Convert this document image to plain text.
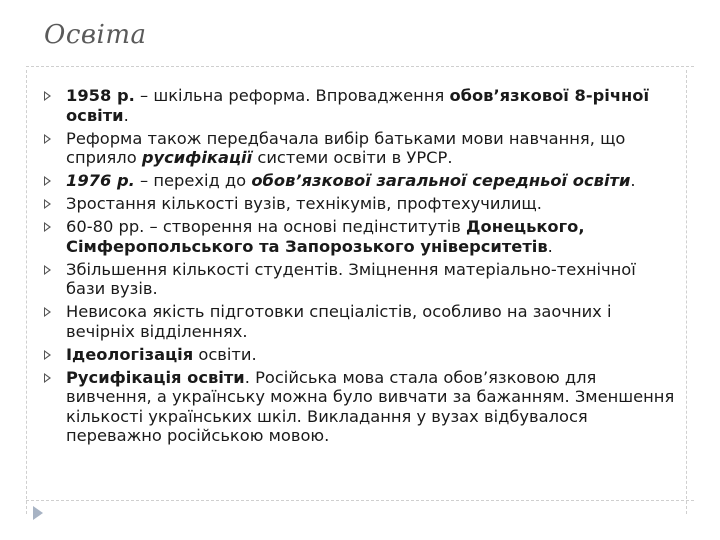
Освіта
1958 р. – шкільна реформа. Впровадження обов’язкової 8-річної освіти.
Реформа також передбачала вибір батьками мови навчання, що сприяло русифікації системи освіти в УРСР.
1976 р. – перехід до обов’язкової загальної середньої освіти.
Зростання кількості вузів, технікумів, профтехучилищ.
60-80 рр. – створення на основі педінститутів Донецького, Сімферопольського та Запорозького університетів.
Збільшення кількості студентів. Зміцнення матеріально-технічної бази вузів.
Невисока якість підготовки спеціалістів, особливо на заочних і вечірніх відділеннях.
Ідеологізація освіти.
Русифікація освіти. Російська мова стала обов’язковою для вивчення, а українську можна було вивчати за бажанням. Зменшення кількості українських шкіл. Викладання у вузах відбувалося переважно російською мовою.
